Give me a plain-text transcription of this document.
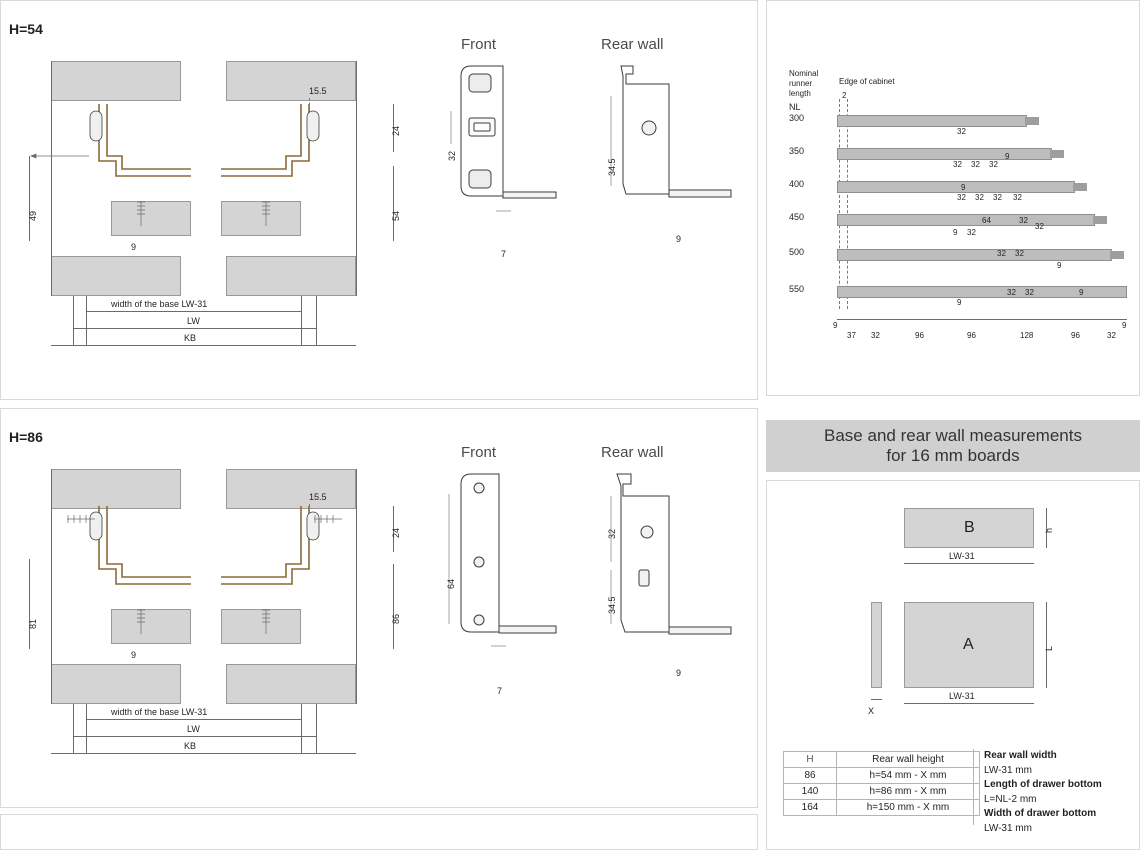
H=54
15.5
24
54
49
9
width of the base LW-31
LW
KB
Front
32
7
Rear wall
34.5
9
H=86
15.5
24
86
81
9
width of the base LW-31
LW
KB
Front
64
7
Rear wall
32
34.5
9
Nominal
runner
length
NL
Edge of cabinet
2
300
32
350
32 32 32
9
400
32 32 32
9
32
450
9 32
64	32
32
500	32 32
9
550
9
32 32	9
9
37 32	96	96	128	96	32
9
Base and rear wall measurements
for 16 mm boards
B
LW-31
h
X
A
LW-31
L
H	Rear wall height
86	h=54 mm - X mm
140	h=86 mm - X mm
164	h=150 mm - X mm
Rear wall width
LW-31 mm
Length of drawer bottom
L=NL-2 mm
Width of drawer bottom
LW-31 mm
